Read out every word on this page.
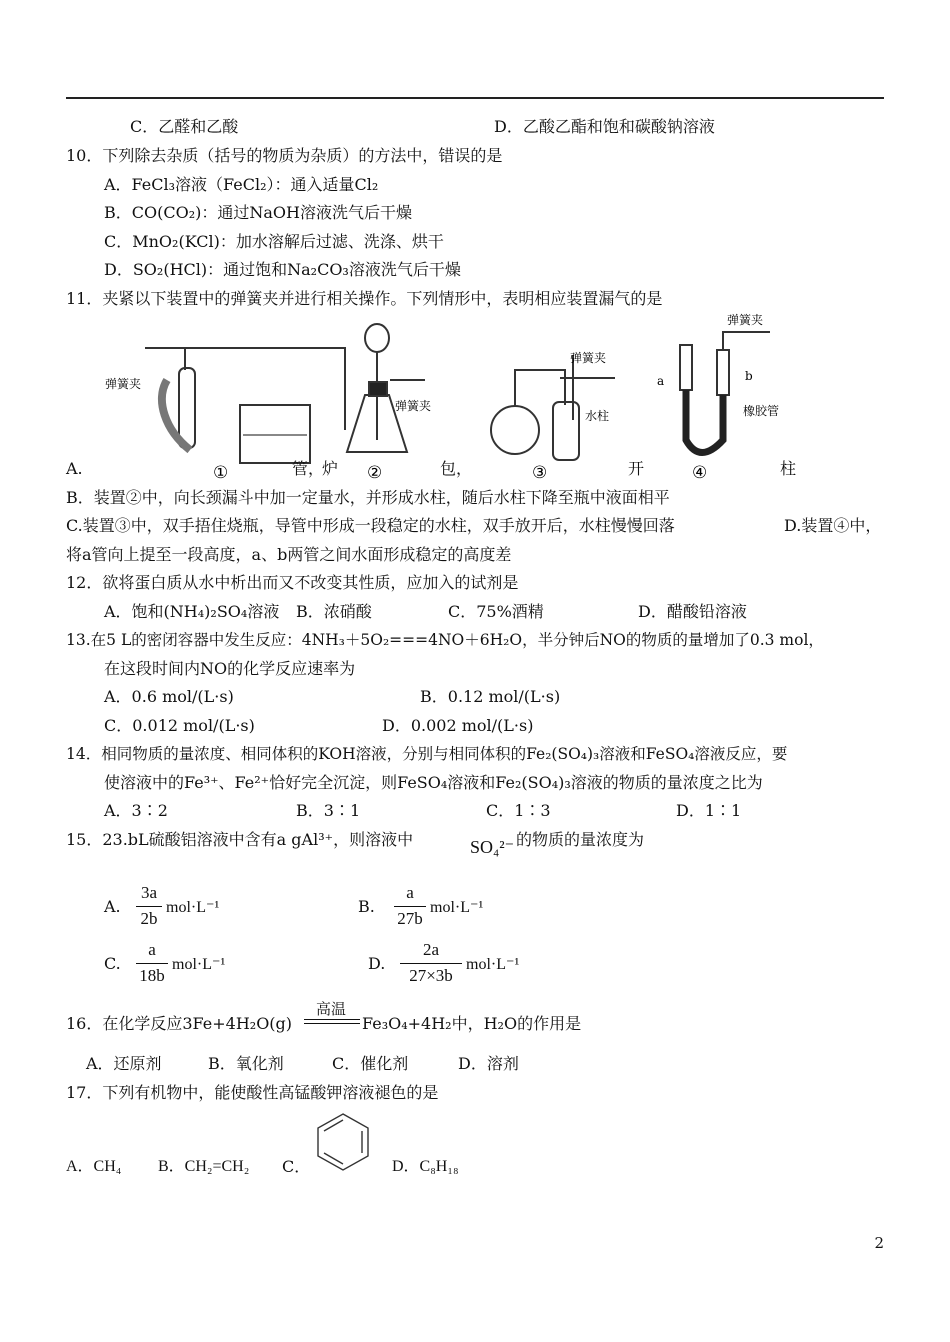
C．乙醛和乙酸	D．乙酸乙酯和饱和碳酸钠溶液
10．下列除去杂质（括号的物质为杂质）的方法中，错误的是
A．FeCl₃溶液（FeCl₂）：通入适量Cl₂
B．CO(CO₂)：通过NaOH溶液洗气后干燥
C．MnO₂(KCl)：加水溶解后过滤、洗涤、烘干
D．SO₂(HCl)：通过饱和Na₂CO₃溶液洗气后干燥
11．夹紧以下装置中的弹簧夹并进行相关操作。下列情形中，表明相应装置漏气的是
弹簧夹
弹簧夹
弹簧夹
水柱
弹簧夹
a	b
橡胶管
①	②	③	④
A.	管，
炉	包，	开	柱
B．装置②中，向长颈漏斗中加一定量水，并形成水柱，随后水柱下降至瓶中液面相平
C.装置③中，双手捂住烧瓶，导管中形成一段稳定的水柱，双手放开后，水柱慢慢回落	D.装置④中，
将a管向上提至一段高度，a、b两管之间水面形成稳定的高度差
12．欲将蛋白质从水中析出而又不改变其性质，应加入的试剂是
A．饱和(NH₄)₂SO₄溶液 B．浓硝酸	C．75%酒精	D．醋酸铅溶液
13.在5 L的密闭容器中发生反应：4NH₃＋5O₂===4NO＋6H₂O，半分钟后NO的物质的量增加了0.3 mol，
在这段时间内NO的化学反应速率为
A．0.6 mol/(L·s)	B．0.12 mol/(L·s)
C．0.012 mol/(L·s)	D．0.002 mol/(L·s)
14．相同物质的量浓度、相同体积的KOH溶液，分别与相同体积的Fe₂(SO₄)₃溶液和FeSO₄溶液反应，要
使溶液中的Fe³⁺、Fe²⁺恰好完全沉淀，则FeSO₄溶液和Fe₂(SO₄)₃溶液的物质的量浓度之比为
A．3∶2	B．3∶1	C．1∶3	D．1∶1
15．23.bL硫酸铝溶液中含有a gAl³⁺，则溶液中	SO₄²⁻ 的物质的量浓度为
A.
3a
2b
mol·L⁻¹	B.
a
27b
mol·L⁻¹
C.
a
18b
mol·L⁻¹	D.
2a
27×3b
mol·L⁻¹
16．在化学反应3Fe+4H₂O(g)
高温
Fe₃O₄+4H₂中，H₂O的作用是
A．还原剂	B．氧化剂	C．催化剂	D．溶剂
17．下列有机物中，能使酸性高锰酸钾溶液褪色的是
A．CH₄ B．CH₂=CH₂ C．	D．C₈H₁₈
2
